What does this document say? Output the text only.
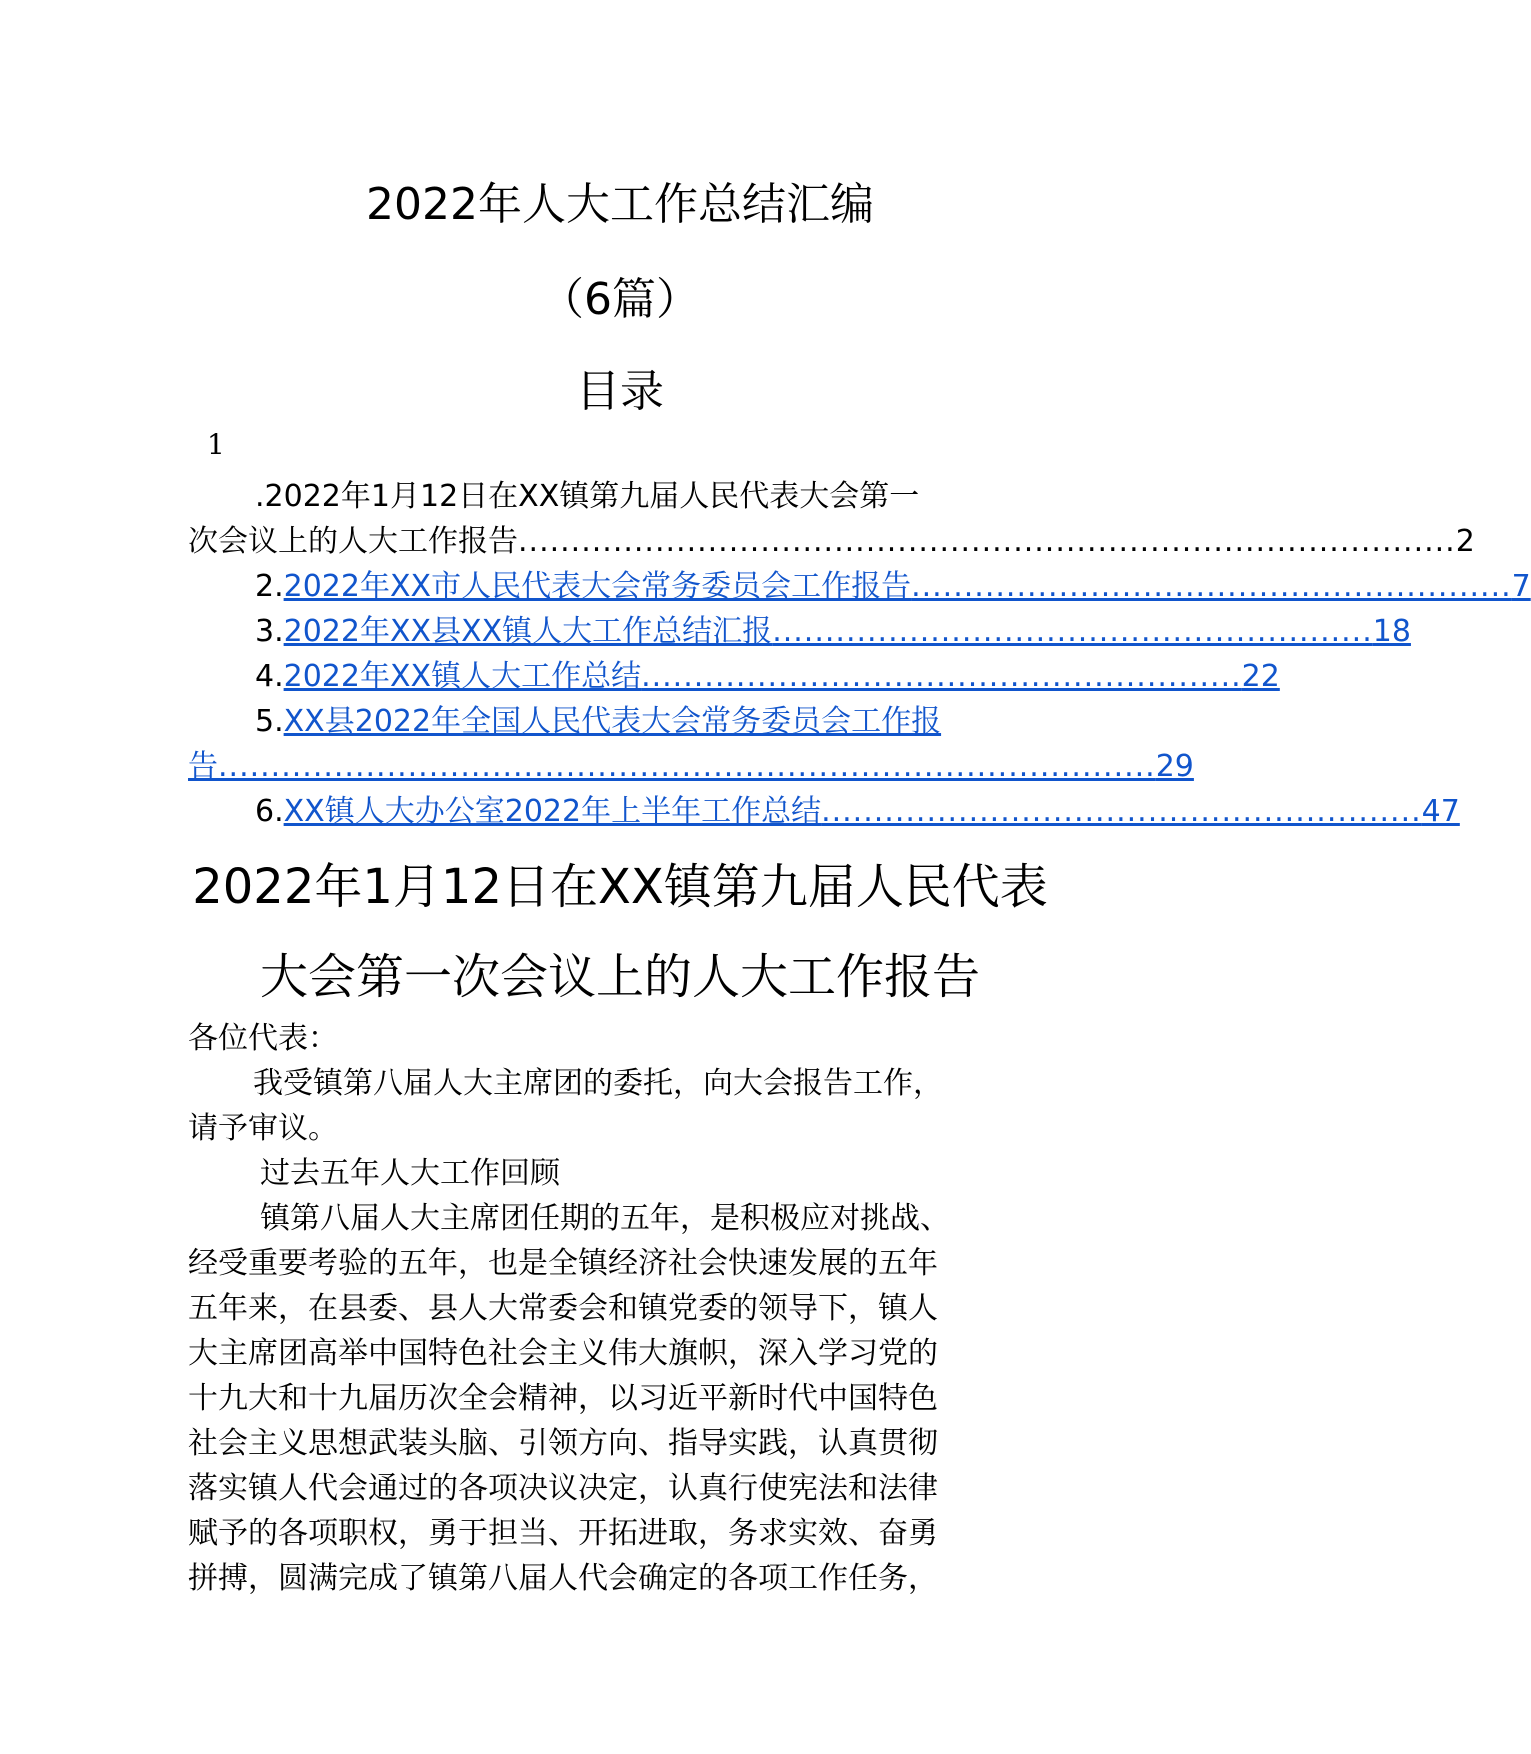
2022年人大工作总结汇编
（6篇）
目录
1
.2022年1月12日在XX镇第九届人民代表大会第一
次会议上的人大工作报告 ......................................................................................... 2
2. 2022年XX市人民代表大会常务委员会工作报告 ......................................................... 7
3. 2022年XX县XX镇人大工作总结汇报 ......................................................... 18
4. 2022年XX镇人大工作总结 ......................................................... 22
5.XX县2022年全国人民代表大会常务委员会工作报
告 ......................................................................................... 29
6. XX镇人大办公室2022年上半年工作总结 ......................................................... 47
2022年1月12日在XX镇第九届人民代表
大会第一次会议上的人大工作报告
各位代表：
我受镇第八届人大主席团的委托，向大会报告工作，
请予审议。
过去五年人大工作回顾
镇第八届人大主席团任期的五年，是积极应对挑战、
经受重要考验的五年，也是全镇经济社会快速发展的五年
五年来，在县委、县人大常委会和镇党委的领导下，镇人
大主席团高举中国特色社会主义伟大旗帜，深入学习党的
十九大和十九届历次全会精神，以习近平新时代中国特色
社会主义思想武装头脑、引领方向、指导实践，认真贯彻
落实镇人代会通过的各项决议决定，认真行使宪法和法律
赋予的各项职权，勇于担当、开拓进取，务求实效、奋勇
拼搏，圆满完成了镇第八届人代会确定的各项工作任务，
